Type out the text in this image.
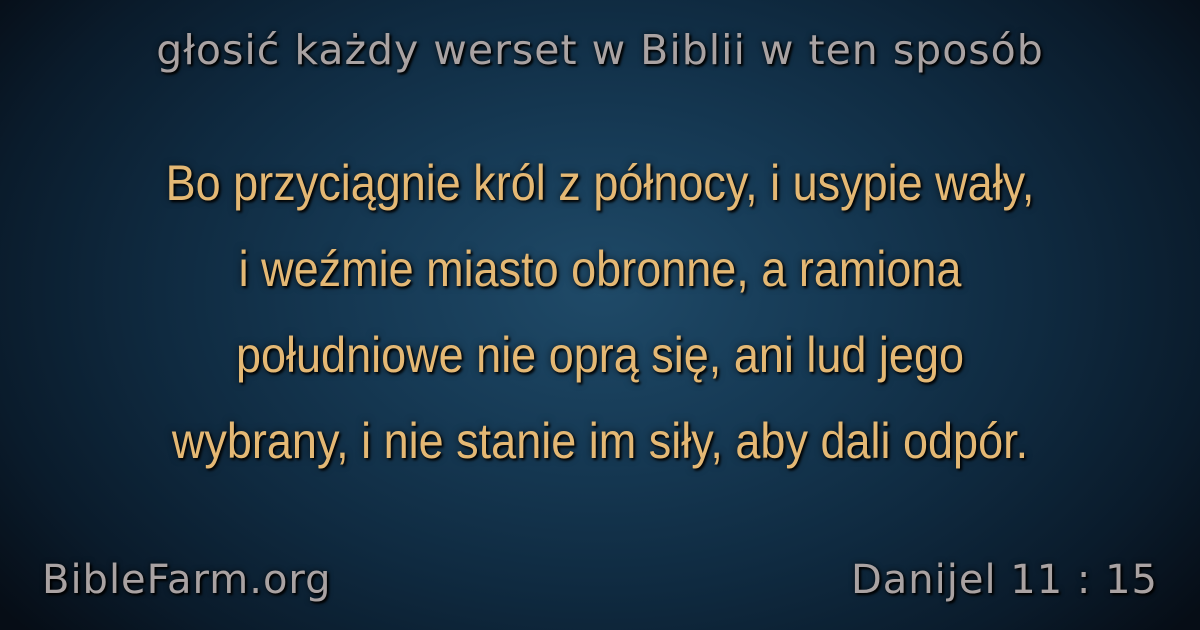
głosić każdy werset w Biblii w ten sposób
Bo przyciągnie król z północy, i usypie wały,
i weźmie miasto obronne, a ramiona
południowe nie oprą się, ani lud jego
wybrany, i nie stanie im siły, aby dali odpór.
BibleFarm.org	Danijel 11 : 15
